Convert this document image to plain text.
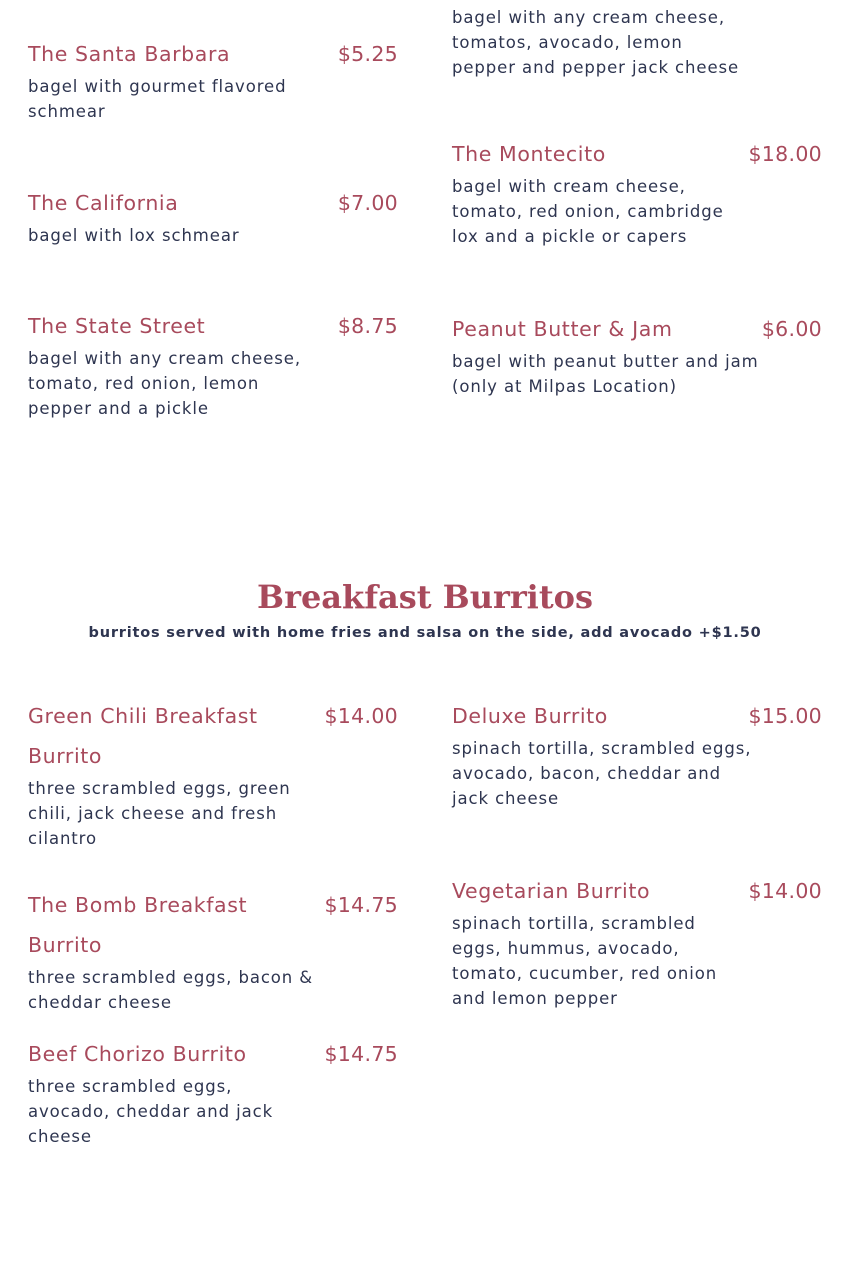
bagel with any cream cheese, tomatos, avocado, lemon pepper and pepper jack cheese

The Santa Barbara	$5.25

bagel with gourmet flavored schmear

The California	$7.00

bagel with lox schmear

The State Street	$8.75

bagel with any cream cheese, tomato, red onion, lemon pepper and a pickle

The Montecito	$18.00

bagel with cream cheese, tomato, red onion, cambridge lox and a pickle or capers

Peanut Butter & Jam	$6.00

bagel with peanut butter and jam (only at Milpas Location)

Breakfast Burritos

burritos served with home fries and salsa on the side, add avocado +$1.50

Green Chili Breakfast Burrito

$14.00

three scrambled eggs, green chili, jack cheese and fresh cilantro

The Bomb Breakfast Burrito

$14.75

three scrambled eggs, bacon & cheddar cheese

Beef Chorizo Burrito	$14.75

three scrambled eggs, avocado, cheddar and jack cheese

Deluxe Burrito	$15.00

spinach tortilla, scrambled eggs, avocado, bacon, cheddar and jack cheese

Vegetarian Burrito	$14.00

spinach tortilla, scrambled eggs, hummus, avocado, tomato, cucumber, red onion and lemon pepper
